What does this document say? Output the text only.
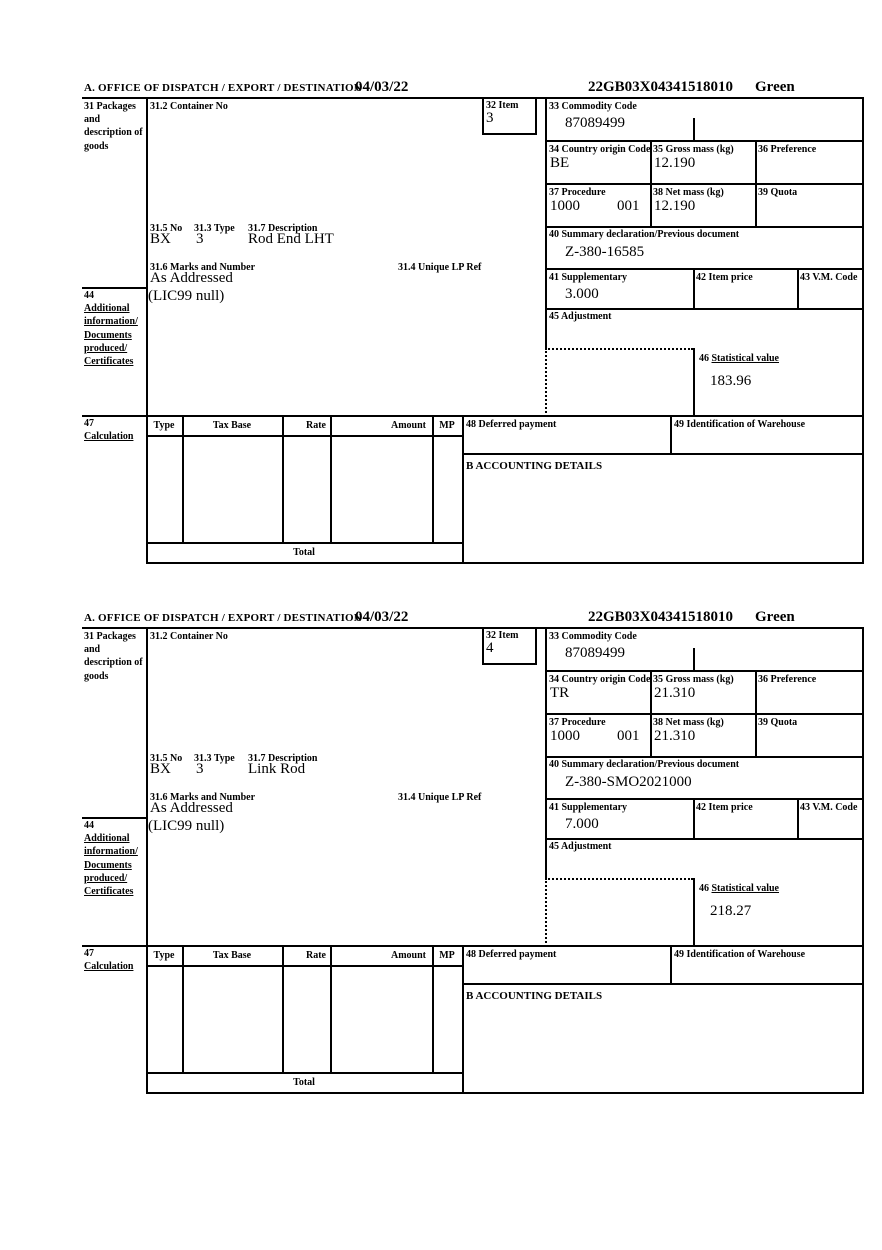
A. OFFICE OF DISPATCH / EXPORT / DESTINATION
04/03/22	22GB03X04341518010 Green
31 Packages and description of goods
44
Additional
information/
Documents
produced/
Certificates
47
Calculation
31.2 Container No
31.5 No 31.3 Type 31.7 Description
BX 3	Rod End LHT
31.6 Marks and Number	31.4 Unique LP Ref
As Addressed
(LIC99 null)
32 Item
3
33 Commodity Code
87089499
34 Country origin Code
BE
35 Gross mass (kg)
12.190
36 Preference
37 Procedure
1000 001
38 Net mass (kg)
12.190
39 Quota
40 Summary declaration/Previous document
Z-380-16585
41 Supplementary
3.000
42 Item price	43 V.M. Code
45 Adjustment
46 Statistical value
183.96
Type	Tax Base	Rate	Amount	MP
Total
48 Deferred payment	49 Identification of Warehouse
B ACCOUNTING DETAILS
A. OFFICE OF DISPATCH / EXPORT / DESTINATION
04/03/22	22GB03X04341518010 Green
31 Packages and description of goods
44
Additional
information/
Documents
produced/
Certificates
47
Calculation
31.2 Container No
31.5 No 31.3 Type 31.7 Description
BX 3	Link Rod
31.6 Marks and Number	31.4 Unique LP Ref
As Addressed
(LIC99 null)
32 Item
4
33 Commodity Code
87089499
34 Country origin Code
TR
35 Gross mass (kg)
21.310
36 Preference
37 Procedure
1000 001
38 Net mass (kg)
21.310
39 Quota
40 Summary declaration/Previous document
Z-380-SMO2021000
41 Supplementary
7.000
42 Item price	43 V.M. Code
45 Adjustment
46 Statistical value
218.27
Type	Tax Base	Rate	Amount	MP
Total
48 Deferred payment	49 Identification of Warehouse
B ACCOUNTING DETAILS
